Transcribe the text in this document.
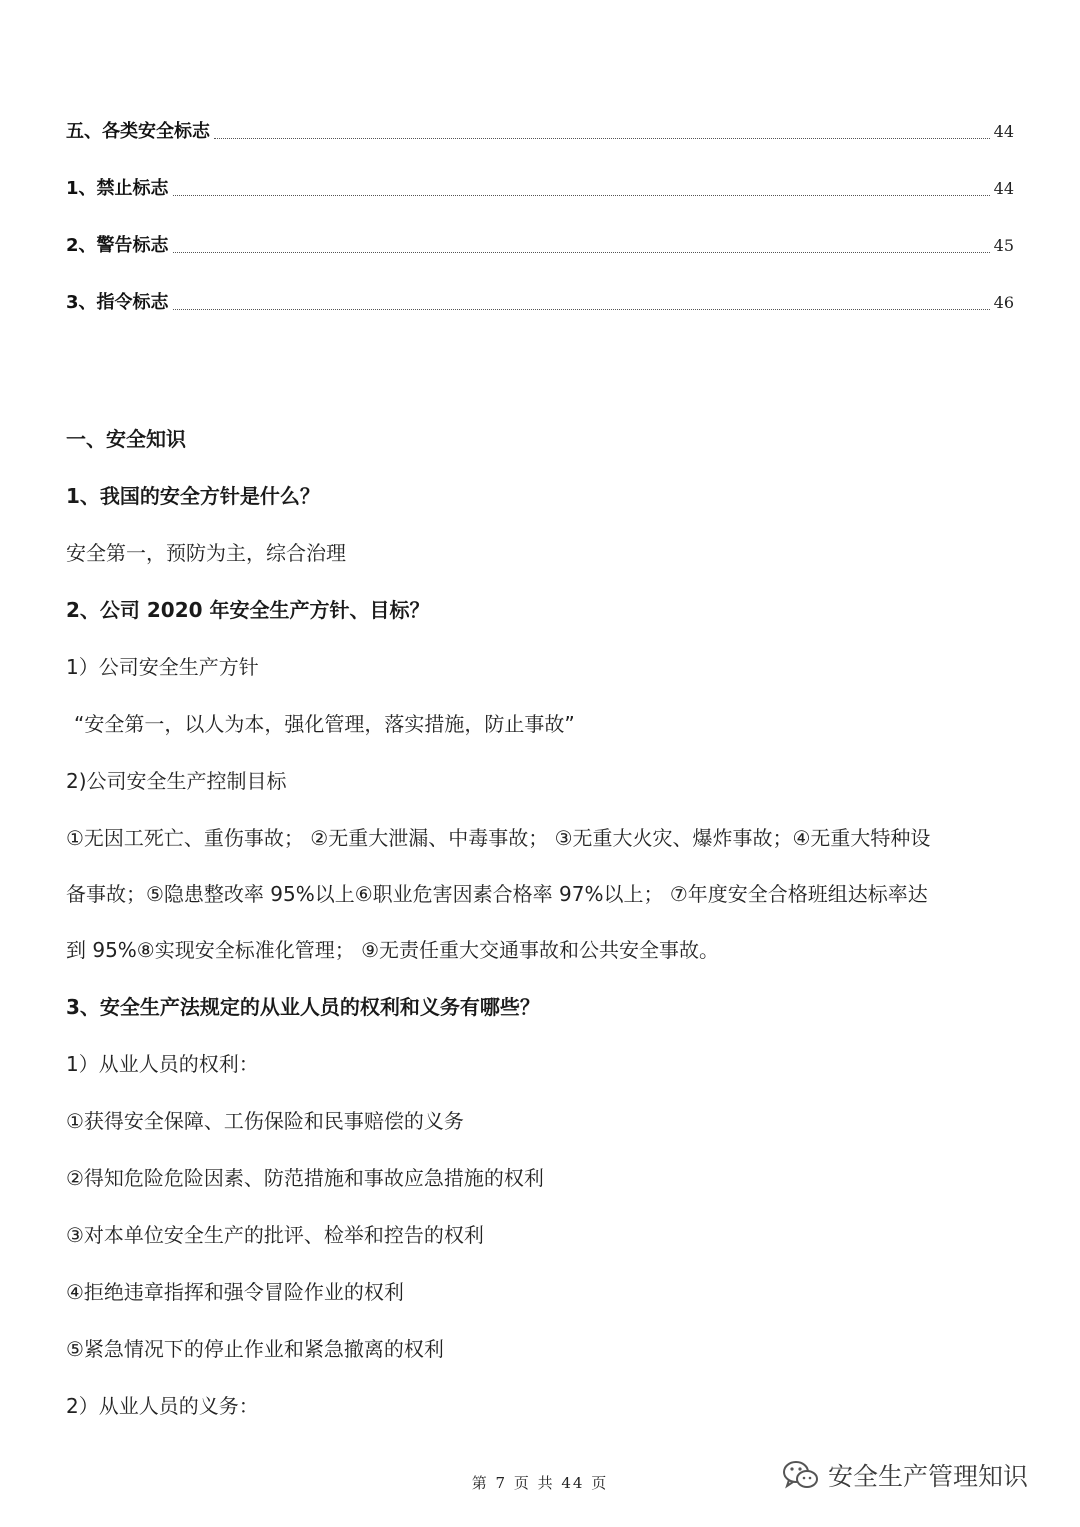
五、各类安全标志	44
1、禁止标志	44
2、警告标志	45
3、指令标志	46
一、安全知识
1、我国的安全方针是什么？
安全第一，预防为主，综合治理
2、公司 2020 年安全生产方针、目标？
1）公司安全生产方针
“安全第一，以人为本，强化管理，落实措施，防止事故”
2)公司安全生产控制目标
①无因工死亡、重伤事故； ②无重大泄漏、中毒事故； ③无重大火灾、爆炸事故；④无重大特种设
备事故；⑤隐患整改率 95%以上⑥职业危害因素合格率 97%以上； ⑦年度安全合格班组达标率达
到 95%⑧实现安全标准化管理； ⑨无责任重大交通事故和公共安全事故。
3、安全生产法规定的从业人员的权利和义务有哪些？
1）从业人员的权利：
①获得安全保障、工伤保险和民事赔偿的义务
②得知危险危险因素、防范措施和事故应急措施的权利
③对本单位安全生产的批评、检举和控告的权利
④拒绝违章指挥和强令冒险作业的权利
⑤紧急情况下的停止作业和紧急撤离的权利
2）从业人员的义务：
第 7 页 共 44 页	安全生产管理知识
